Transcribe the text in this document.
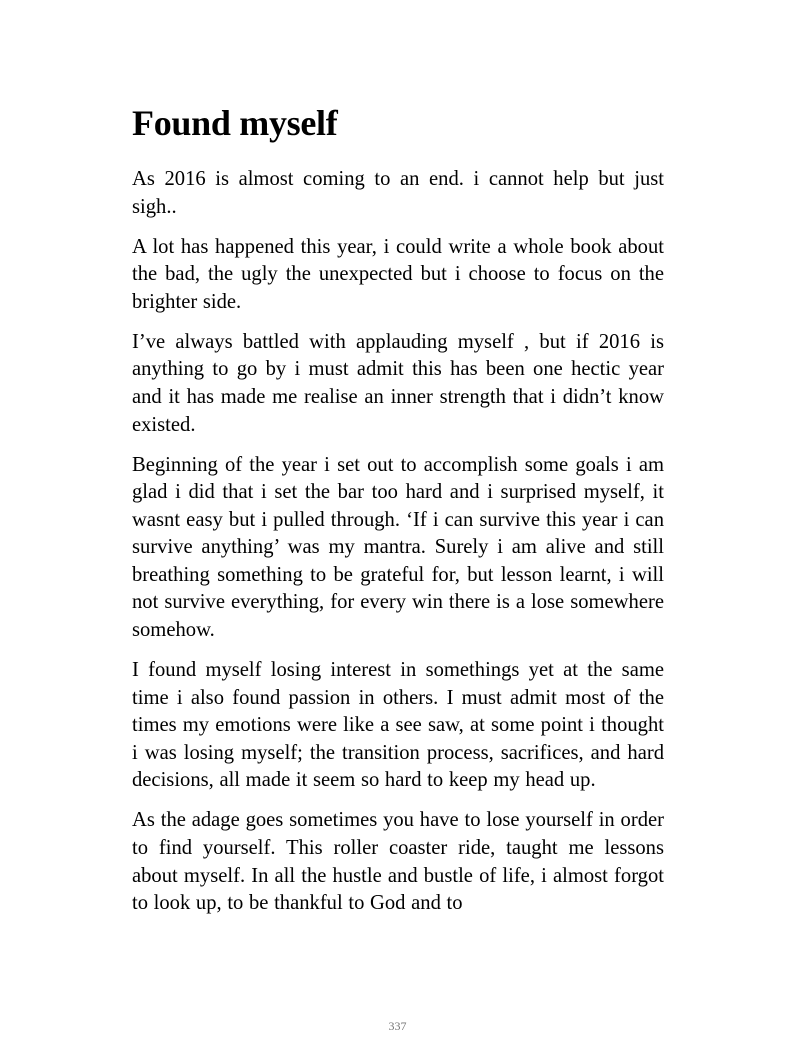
Found myself

As 2016 is almost coming to an end. i cannot help but just sigh..

A lot has happened this year, i could write a whole book about the bad, the ugly the unexpected but i choose to focus on the brighter side.

I’ve always battled with applauding myself , but if 2016 is anything to go by i must admit this has been one hectic year and it has made me realise an inner strength that i didn’t know existed.

Beginning of the year i set out to accomplish some goals i am glad i did that i set the bar too hard and i surprised myself, it wasnt easy but i pulled through. ‘If i can survive this year i can survive anything’ was my mantra. Surely i am alive and still breathing something to be grateful for, but lesson learnt, i will not survive everything, for every win there is a lose somewhere somehow.

I found myself losing interest in somethings yet at the same time i also found passion in others. I must admit most of the times my emotions were like a see saw, at some point i thought i was losing myself; the transition process, sacrifices, and hard decisions, all made it seem so hard to keep my head up.

As the adage goes sometimes you have to lose yourself in order to find yourself. This roller coaster ride, taught me lessons about myself. In all the hustle and bustle of life, i almost forgot to look up, to be thankful to God and to

337
